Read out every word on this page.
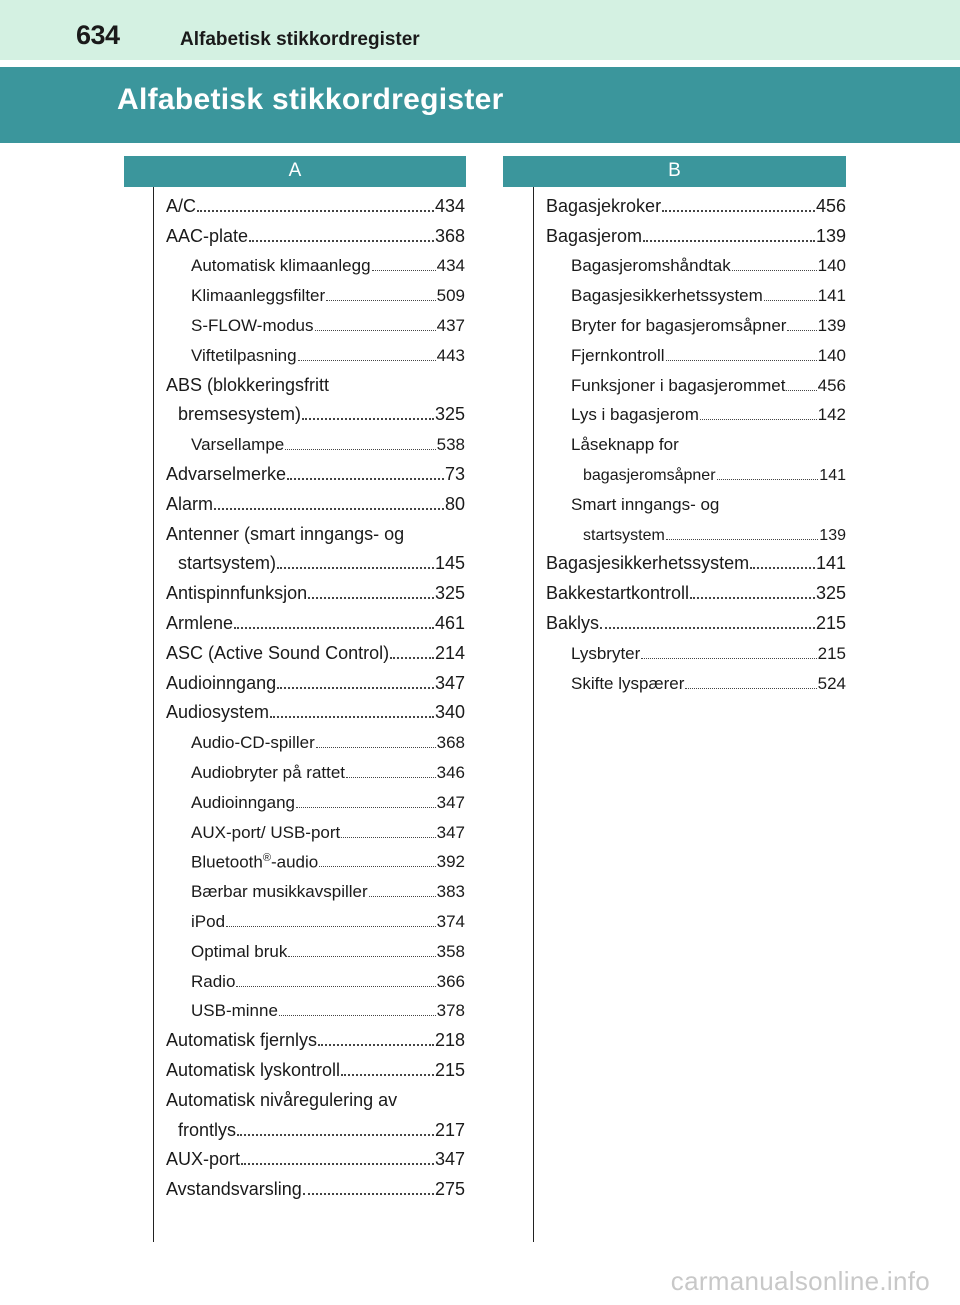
634	Alfabetisk stikkordregister
Alfabetisk stikkordregister
A	B
A/C	434
AAC-plate	368
Automatisk klimaanlegg	434
Klimaanleggsfilter	509
S-FLOW-modus	437
Viftetilpasning	443
ABS (blokkeringsfritt
bremsesystem)	325
Varsellampe	538
Advarselmerke	73
Alarm	80
Antenner (smart inngangs- og
startsystem)	145
Antispinnfunksjon	325
Armlene	461
ASC (Active Sound Control)	214
Audioinngang	347
Audiosystem	340
Audio-CD-spiller	368
Audiobryter på rattet	346
Audioinngang	347
AUX-port/ USB-port	347
Bluetooth®-audio	392
Bærbar musikkavspiller	383
iPod	374
Optimal bruk	358
Radio	366
USB-minne	378
Automatisk fjernlys	218
Automatisk lyskontroll	215
Automatisk nivåregulering av
frontlys	217
AUX-port	347
Avstandsvarsling	275
Bagasjekroker	456
Bagasjerom	139
Bagasjeromshåndtak	140
Bagasjesikkerhetssystem	141
Bryter for bagasjeromsåpner 139
Fjernkontroll	140
Funksjoner i bagasjerommet 456
Lys i bagasjerom	142
Låseknapp for
bagasjeromsåpner	141
Smart inngangs- og
startsystem	139
Bagasjesikkerhetssystem	141
Bakkestartkontroll	325
Baklys	215
Lysbryter	215
Skifte lyspærer	524
carmanualsonline.info
